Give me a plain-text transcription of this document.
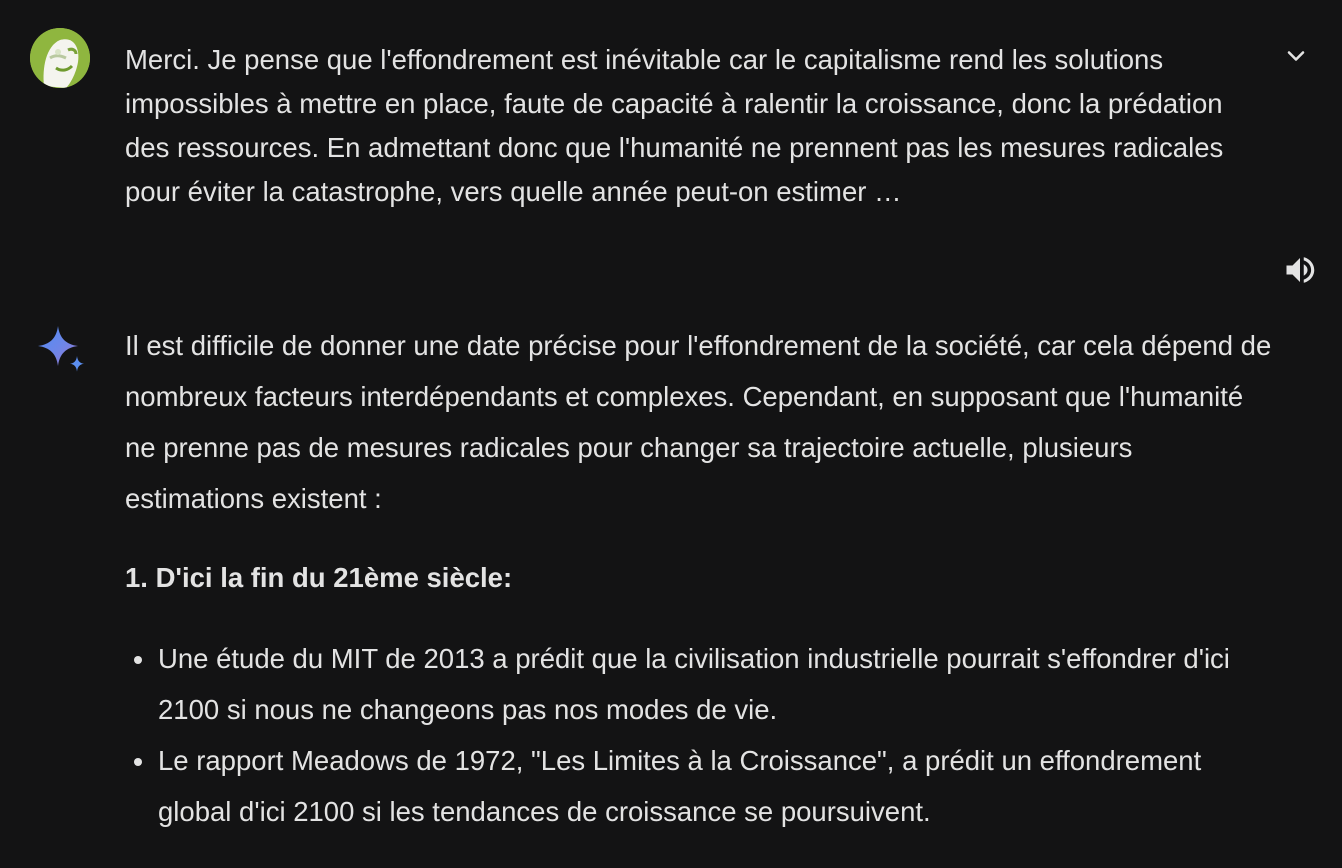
Merci. Je pense que l'effondrement est inévitable car le capitalisme rend les solutions impossibles à mettre en place, faute de capacité à ralentir la croissance, donc la prédation des ressources. En admettant donc que l'humanité ne prennent pas les mesures radicales pour éviter la catastrophe, vers quelle année peut-on estimer …

Il est difficile de donner une date précise pour l'effondrement de la société, car cela dépend de nombreux facteurs interdépendants et complexes. Cependant, en supposant que l'humanité ne prenne pas de mesures radicales pour changer sa trajectoire actuelle, plusieurs estimations existent :

1. D'ici la fin du 21ème siècle:
Une étude du MIT de 2013 a prédit que la civilisation industrielle pourrait s'effondrer d'ici 2100 si nous ne changeons pas nos modes de vie.
Le rapport Meadows de 1972, "Les Limites à la Croissance", a prédit un effondrement global d'ici 2100 si les tendances de croissance se poursuivent.
